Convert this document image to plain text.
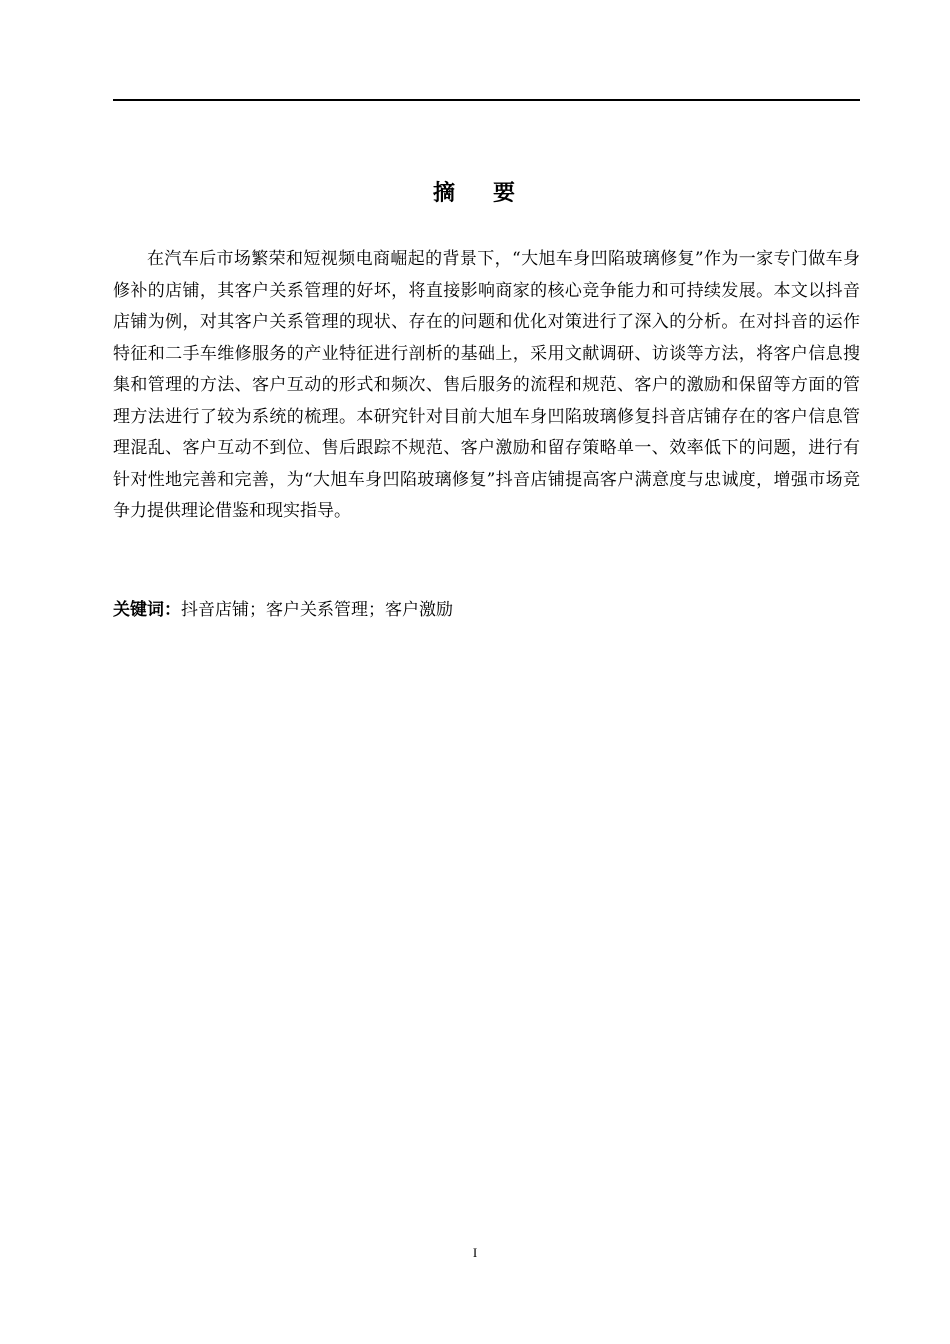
摘 要

在汽车后市场繁荣和短视频电商崛起的背景下，“大旭车身凹陷玻璃修复”作为一家专门做车身修补的店铺，其客户关系管理的好坏，将直接影响商家的核心竞争能力和可持续发展。本文以抖音店铺为例，对其客户关系管理的现状、存在的问题和优化对策进行了深入的分析。在对抖音的运作特征和二手车维修服务的产业特征进行剖析的基础上，采用文献调研、访谈等方法，将客户信息搜集和管理的方法、客户互动的形式和频次、售后服务的流程和规范、客户的激励和保留等方面的管理方法进行了较为系统的梳理。本研究针对目前大旭车身凹陷玻璃修复抖音店铺存在的客户信息管理混乱、客户互动不到位、售后跟踪不规范、客户激励和留存策略单一、效率低下的问题，进行有针对性地完善和完善，为“大旭车身凹陷玻璃修复”抖音店铺提高客户满意度与忠诚度，增强市场竞争力提供理论借鉴和现实指导。

关键词：抖音店铺；客户关系管理；客户激励
I
